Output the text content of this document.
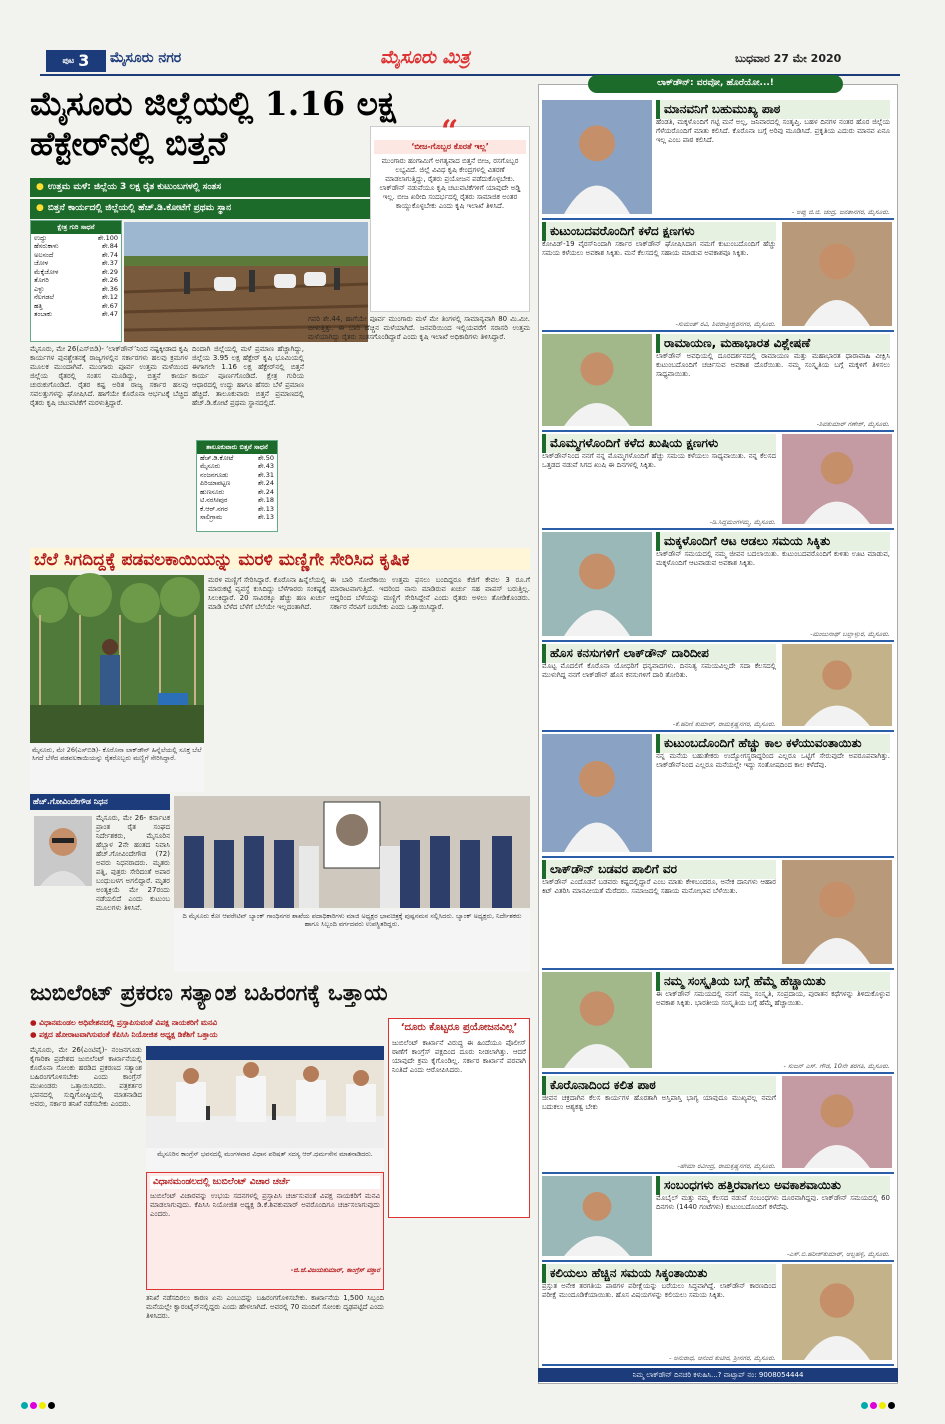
ಪುಟ 3 ಮೈಸೂರು ನಗರ	ಮೈಸೂರು ಮಿತ್ರ	ಬುಧವಾರ 27 ಮೇ 2020
ಮೈಸೂರು ಜಿಲ್ಲೆಯಲ್ಲಿ 1.16 ಲಕ್ಷ ಹೆಕ್ಟೇರ್‌ನಲ್ಲಿ ಬಿತ್ತನೆ
● ಉತ್ತಮ ಮಳೆ: ಜಿಲ್ಲೆಯ 3 ಲಕ್ಷ ರೈತ ಕುಟುಂಬಗಳಲ್ಲಿ ಸಂತಸ
● ಬಿತ್ತನೆ ಕಾರ್ಯದಲ್ಲಿ ಜಿಲ್ಲೆಯಲ್ಲಿ ಹೆಚ್.ಡಿ.ಕೋಟೆಗೆ ಪ್ರಥಮ ಸ್ಥಾನ
“
‘ಬೀಜ-ಗೊಬ್ಬರ ಕೊರತೆ ಇಲ್ಲ’
ಮುಂಗಾರು ಹಂಗಾಮಿಗೆ ಅಗತ್ಯವಾದ ಬಿತ್ತನೆ ಬೀಜ, ರಸಗೊಬ್ಬರ ಲಭ್ಯವಿದೆ. ಜಿಲ್ಲೆ ವಿವಿಧ ಕೃಷಿ ಕೇಂದ್ರಗಳಲ್ಲಿ ವಿತರಣೆ ಮಾಡಲಾಗುತ್ತಿದ್ದು, ರೈತರು ಪ್ರಯೋಜನ ಪಡೆದುಕೊಳ್ಳಬೇಕು. ಲಾಕ್‌ಡೌನ್ ನಡುವೆಯೂ ಕೃಷಿ ಚಟುವಟಿಕೆಗಳಿಗೆ ಯಾವುದೇ ಅಡ್ಡಿ ಇಲ್ಲ. ಬೀಜ ಖರೀದಿ ಸಂದರ್ಭದಲ್ಲಿ ರೈತರು ಸಾಮಾಜಿಕ ಅಂತರ ಕಾಯ್ದುಕೊಳ್ಳಬೇಕು ಎಂದು ಕೃಷಿ ಇಲಾಖೆ ತಿಳಿಸಿದೆ.
ಕ್ಷೇತ್ರ ಗುರಿ ಸಾಧನೆ
ಉದ್ದು	ಶೇ.100
ಹೆಸರುಕಾಳು	ಶೇ.84
ಅಲಸಂದೆ	ಶೇ.74
ಜೋಳ	ಶೇ.37
ಮೆಕ್ಕೆಜೋಳ	ಶೇ.29
ತೊಗರಿ	ಶೇ.26
ಎಳ್ಳು	ಶೇ.36
ನೆಲಗಡಲೆ	ಶೇ.12
ಹತ್ತಿ	ಶೇ.67
ತಂಬಾಕು	ಶೇ.47
ಮೈಸೂರು, ಮೇ 26(ಎಸ್‌ಬಿಡಿ)- ‘ಲಾಕ್‌ಡೌನ್’ನಿಂದ ನಷ್ಟಕ್ಕೀಡಾದ ಕೃಷಿ ಕಾರ್ಯಗಳ ಪುನಶ್ಚೇತನಕ್ಕೆ ರಾಜ್ಯಗಳಲ್ಲಿನ ಸರ್ಕಾರಗಳು ಹಲವು ಕ್ರಮಗಳ ಮೂಲಕ ಮುಂದಾಗಿವೆ. ಮುಂಗಾರು ಪೂರ್ವ ಉತ್ತಮ ಮಳೆಯಿಂದ ಜಿಲ್ಲೆಯ ರೈತರಲ್ಲಿ ಸಂತಸ ಮೂಡಿದ್ದು, ಬಿತ್ತನೆ ಕಾರ್ಯ ಚುರುಕುಗೊಂಡಿದೆ. ರೈತರ ಕಷ್ಟ ಅರಿತ ರಾಜ್ಯ ಸರ್ಕಾರ ಹಲವು ಸವಲತ್ತುಗಳನ್ನು ಘೋಷಿಸಿದೆ. ಹಾಗೆಯೇ ಕೊರೊನಾ ಆರ್ಭಟಕ್ಕೆ ಬೆಚ್ಚಿದ ರೈತರು ಕೃಷಿ ಚಟುವಟಿಕೆಗೆ ಮರಳುತ್ತಿದ್ದಾರೆ.
ದಿಂದಾಗಿ ಜಿಲ್ಲೆಯಲ್ಲಿ ಮಳೆ ಪ್ರಮಾಣ ಹೆಚ್ಚಾಗಿದ್ದು, ಜಿಲ್ಲೆಯ 3.95 ಲಕ್ಷ ಹೆಕ್ಟೇರ್ ಕೃಷಿ ಭೂಮಿಯಲ್ಲಿ ಈಗಾಗಲೇ 1.16 ಲಕ್ಷ ಹೆಕ್ಟೇರ್‌ನಲ್ಲಿ ಬಿತ್ತನೆ ಕಾರ್ಯ ಪೂರ್ಣಗೊಂಡಿದೆ. ಕ್ಷೇತ್ರ ಗುರಿಯ ಆಧಾರದಲ್ಲಿ ಉದ್ದು ಹಾಗೂ ಹೆಸರು ಬೆಳೆ ಪ್ರಮಾಣ ಹೆಚ್ಚಿದೆ. ತಾಲೂಕುವಾರು ಬಿತ್ತನೆ ಪ್ರಮಾಣದಲ್ಲಿ ಹೆಚ್.ಡಿ.ಕೋಟೆ ಪ್ರಥಮ ಸ್ಥಾನದಲ್ಲಿದೆ.
ತಾಲೂಕುವಾರು ಬಿತ್ತನೆ ಸಾಧನೆ
ಹೆಚ್.ಡಿ.ಕೋಟೆ	ಶೇ.50
ಮೈಸೂರು	ಶೇ.43
ನಂಜನಗೂಡು	ಶೇ.31
ಪಿರಿಯಾಪಟ್ಟಣ	ಶೇ.24
ಹುಣಸೂರು	ಶೇ.24
ಟಿ.ನರಸೀಪುರ	ಶೇ.18
ಕೆ.ಆರ್.ನಗರ	ಶೇ.13
ಸಾಲಿಗ್ರಾಮ	ಶೇ.13
ಗವರಿ ಶೇ.44, ಹಾಗೆಯೇ ಪೂರ್ವ ಮುಂಗಾರು ಮಳೆ ಮೇ ತಿಂಗಳಲ್ಲಿ ಸಾಮಾನ್ಯವಾಗಿ 80 ಮಿ.ಮೀ. ಬೀಳುತ್ತಿತ್ತು. ಈ ಬಾರಿ ಹೆಚ್ಚಿನ ಮಳೆಯಾಗಿದೆ. ಜನವರಿಯಿಂದ ಇಲ್ಲಿಯವರೆಗೆ ಸರಾಸರಿ ಉತ್ತಮ ಮಳೆಯಾಗಿದ್ದು ರೈತರು ಸಂತಸಗೊಂಡಿದ್ದಾರೆ ಎಂದು ಕೃಷಿ ಇಲಾಖೆ ಅಧಿಕಾರಿಗಳು ತಿಳಿಸಿದ್ದಾರೆ.
ಬೆಲೆ ಸಿಗದಿದ್ದಕ್ಕೆ ಪಡವಲಕಾಯಿಯನ್ನು ಮರಳಿ ಮಣ್ಣಿಗೇ ಸೇರಿಸಿದ ಕೃಷಿಕ
ಮೈಸೂರು, ಮೇ 26(ಎಸ್‌ಬಿಡಿ)- ಕೊರೊನಾ ಲಾಕ್‌ಡೌನ್ ಹಿನ್ನೆಲೆಯಲ್ಲಿ ಸೂಕ್ತ ಬೆಲೆ ಸಿಗದೆ ಬೆಳೆದ ಪಡವಲಕಾಯಿಯನ್ನು ರೈತರೊಬ್ಬರು ಮಣ್ಣಿಗೆ ಸೇರಿಸಿದ್ದಾರೆ.
ಮರಳಿ ಮಣ್ಣಿಗೆ ಸೇರಿಸಿದ್ದಾರೆ. ಕೊರೊನಾ ಹಿನ್ನೆಲೆಯಲ್ಲಿ ಮಾರುಕಟ್ಟೆ ವ್ಯವಸ್ಥೆ ಕುಸಿದಿದ್ದು ಬೆಳೆಗಾರರು ಸಂಕಷ್ಟಕ್ಕೆ ಸಿಲುಕಿದ್ದಾರೆ. 20 ಸಾವಿರಕ್ಕೂ ಹೆಚ್ಚು ಹಣ ಖರ್ಚು ಮಾಡಿ ಬೆಳೆದ ಬೆಳೆಗೆ ಬೆಲೆಯೇ ಇಲ್ಲದಂತಾಗಿದೆ.
ಈ ಬಾರಿ ಸೋರೆಕಾಯಿ ಉತ್ತಮ ಫಸಲು ಬಂದಿದ್ದರೂ ಕೆಜಿಗೆ ಕೇವಲ 3 ರೂ.ಗೆ ಮಾರಾಟವಾಗುತ್ತಿದೆ. ಇದರಿಂದ ನಾನು ಮಾಡಿರುವ ಖರ್ಚು ಸಹ ವಾಪಸ್ ಬರುತ್ತಿಲ್ಲ. ಆದ್ದರಿಂದ ಬೆಳೆಯನ್ನು ಮಣ್ಣಿಗೆ ಸೇರಿಸಿದ್ದೇನೆ ಎಂದು ರೈತರು ಅಳಲು ತೋಡಿಕೊಂಡರು. ಸರ್ಕಾರ ನೆರವಿಗೆ ಬರಬೇಕು ಎಂದು ಒತ್ತಾಯಿಸಿದ್ದಾರೆ.
ಹೆಚ್.ಗೋವಿಂದೇಗೌಡ ನಿಧನ
ಮೈಸೂರು, ಮೇ 26- ಕರ್ನಾಟಕ ಪ್ರಾಂತ ರೈತ ಸಂಘದ ನಿರ್ದೇಶಕರು, ಮೈಸೂರಿನ ಹೆಬ್ಬಾಳ 2ನೇ ಹಂತದ ನಿವಾಸಿ ಹೆಚ್.ಗೋವಿಂದೇಗೌಡ (72) ಅವರು ನಿಧನರಾದರು. ಮೃತರು ಪತ್ನಿ, ಪುತ್ರರು ಸೇರಿದಂತೆ ಅಪಾರ ಬಂಧುಬಳಗ ಅಗಲಿದ್ದಾರೆ. ಮೃತರ ಅಂತ್ಯಕ್ರಿಯೆ ಮೇ 27ರಂದು ನಡೆಯಲಿದೆ ಎಂದು ಕುಟುಂಬ ಮೂಲಗಳು ತಿಳಿಸಿವೆ.
ದಿ ಮೈಸೂರು ಕೋ ಆಪರೇಟಿವ್ ಬ್ಯಾಂಕ್ ಗಾಂಧಿನಗರ ಶಾಖೆಯ ಪದಾಧಿಕಾರಿಗಳು ಮಾಜಿ ಅಧ್ಯಕ್ಷರ ಭಾವಚಿತ್ರಕ್ಕೆ ಪುಷ್ಪನಮನ ಸಲ್ಲಿಸಿದರು. ಬ್ಯಾಂಕ್ ಅಧ್ಯಕ್ಷರು, ನಿರ್ದೇಶಕರು ಹಾಗೂ ಸಿಬ್ಬಂದಿ ವರ್ಗದವರು ಉಪಸ್ಥಿತರಿದ್ದರು.
ಜುಬಿಲೆಂಟ್ ಪ್ರಕರಣ ಸತ್ಯಾಂಶ ಬಹಿರಂಗಕ್ಕೆ ಒತ್ತಾಯ
● ವಿಧಾನಮಂಡಲ ಅಧಿವೇಶನದಲ್ಲಿ ಪ್ರಸ್ತಾಪಿಸುವಂತೆ ವಿಪಕ್ಷ ನಾಯಕರಿಗೆ ಮನವಿ
● ಪಕ್ಷದ ಹೋರಾಟವಾಗಿಸುವಂತೆ ಕೆಪಿಸಿಸಿ ನಿಯೋಜಿತ ಅಧ್ಯಕ್ಷ ಡಿಕೆಶಿಗೆ ಒತ್ತಾಯ
ಮೈಸೂರು, ಮೇ 26(ಎಂಟಿವೈ)- ನಂಜನಗೂಡು ಕೈಗಾರಿಕಾ ಪ್ರದೇಶದ ಜುಬಿಲೆಂಟ್ ಕಾರ್ಖಾನೆಯಲ್ಲಿ ಕೊರೊನಾ ಸೋಂಕು ಹರಡಿದ ಪ್ರಕರಣದ ಸತ್ಯಾಂಶ ಬಹಿರಂಗಗೊಳಿಸಬೇಕು ಎಂದು ಕಾಂಗ್ರೆಸ್ ಮುಖಂಡರು ಒತ್ತಾಯಿಸಿದರು. ಪತ್ರಕರ್ತರ ಭವನದಲ್ಲಿ ಸುದ್ದಿಗೋಷ್ಠಿಯಲ್ಲಿ ಮಾತನಾಡಿದ ಅವರು, ಸರ್ಕಾರ ತನಿಖೆ ನಡೆಸಬೇಕು ಎಂದರು.
ಮೈಸೂರಿನ ಕಾಂಗ್ರೆಸ್ ಭವನದಲ್ಲಿ ಮಂಗಳವಾರ ವಿಧಾನ ಪರಿಷತ್ ಸದಸ್ಯ ಆರ್.ಧರ್ಮಸೇನ ಮಾತನಾಡಿದರು.
ವಿಧಾನಮಂಡಲದಲ್ಲಿ ಜುಬಿಲೆಂಟ್ ವಿಚಾರ ಚರ್ಚೆ
ಜುಬಿಲೆಂಟ್ ವಿಚಾರವನ್ನು ಉಭಯ ಸದನಗಳಲ್ಲಿ ಪ್ರಸ್ತಾಪಿಸಿ ಚರ್ಚಿಸುವಂತೆ ವಿಪಕ್ಷ ನಾಯಕರಿಗೆ ಮನವಿ ಮಾಡಲಾಗುವುದು. ಕೆಪಿಸಿಸಿ ನಿಯೋಜಿತ ಅಧ್ಯಕ್ಷ ಡಿ.ಕೆ.ಶಿವಕುಮಾರ್ ಅವರೊಂದಿಗೂ ಚರ್ಚಿಸಲಾಗುವುದು ಎಂದರು.
-ಜಿ.ಜೆ.ವಿಜಯಕುಮಾರ್, ಕಾಂಗ್ರೆಸ್ ವಕ್ತಾರ
ತನಿಖೆ ನಡೆಸದಿರಲು ಕಾರಣ ಏನು ಎಂಬುದನ್ನು ಬಹಿರಂಗಗೊಳಿಸಬೇಕು. ಕಾರ್ಖಾನೆಯ 1,500 ಸಿಬ್ಬಂದಿ ಮನೆಯಲ್ಲೇ ಕ್ವಾರಂಟೈನ್‌ನಲ್ಲಿದ್ದರು ಎಂದು ಹೇಳಲಾಗಿದೆ. ಅವರಲ್ಲಿ 70 ಮಂದಿಗೆ ಸೋಂಕು ದೃಢಪಟ್ಟಿದೆ ಎಂದು ತಿಳಿಸಿದರು.
‘ದೂರು ಕೊಟ್ಟರೂ ಪ್ರಯೋಜನವಿಲ್ಲ’
ಜುಬಿಲೆಂಟ್ ಕಾರ್ಖಾನೆ ವಿರುದ್ಧ ಈ ಹಿಂದೆಯೂ ಪೊಲೀಸ್ ಠಾಣೆಗೆ ಕಾಂಗ್ರೆಸ್ ಪಕ್ಷದಿಂದ ದೂರು ನೀಡಲಾಗಿತ್ತು. ಆದರೆ ಯಾವುದೇ ಕ್ರಮ ಕೈಗೊಂಡಿಲ್ಲ. ಸರ್ಕಾರ ಕಾರ್ಖಾನೆ ಪರವಾಗಿ ನಿಂತಿದೆ ಎಂದು ಆರೋಪಿಸಿದರು.
ಲಾಕ್‌ಡೌನ್: ವರವೋ, ಹೊರೆಯೋ...!
ಮಾನವನಿಗೆ ಬಹುಮುಖ್ಯ ಪಾಠ
ಹೆಂಡತಿ, ಮಕ್ಕಳೊಂದಿಗೆ ಗಟ್ಟಿ ಮನೆ ಅಲ್ಲ, ಜನಿವಾರದಲ್ಲಿ ಸಂತೃಪ್ತಿ. ಬಹಳ ದಿನಗಳ ನಂತರ ಹೊರ ಜಿಲ್ಲೆಯ ಗೆಳೆಯರೊಂದಿಗೆ ಮಾತು ಕಲಿಸಿದೆ. ಕೊರೊನಾ ಬಗ್ಗೆ ಅರಿವು ಮೂಡಿಸಿದೆ. ಪ್ರಕೃತಿಯ ಎದುರು ಮಾನವ ಏನೂ ಇಲ್ಲ ಎಂಬ ಪಾಠ ಕಲಿಸಿದೆ.
- ಅಪ್ಪು ಜಿ.ಜಿ. ಚಂದ್ರ, ಜನತಾನಗರ, ಮೈಸೂರು.
ಕುಟುಂಬದವರೊಂದಿಗೆ ಕಳೆದ ಕ್ಷಣಗಳು
ಕೋವಿಡ್-19 ವೈರಸ್‌ನಿಂದಾಗಿ ಸರ್ಕಾರ ಲಾಕ್‌ಡೌನ್ ಘೋಷಿಸಿದಾಗ ನಮಗೆ ಕುಟುಂಬದೊಂದಿಗೆ ಹೆಚ್ಚು ಸಮಯ ಕಳೆಯಲು ಅವಕಾಶ ಸಿಕ್ಕಿತು. ಮನೆ ಕೆಲಸದಲ್ಲಿ ಸಹಾಯ ಮಾಡುವ ಅವಕಾಶವೂ ಸಿಕ್ಕಿತು.
-ಸುಮಂತ್ ರವಿ, ಶಿವರಾತ್ರೀಶ್ವರನಗರ, ಮೈಸೂರು.
ರಾಮಾಯಣ, ಮಹಾಭಾರತ ವಿಶ್ಲೇಷಣೆ
ಲಾಕ್‌ಡೌನ್ ಅವಧಿಯಲ್ಲಿ ದೂರದರ್ಶನದಲ್ಲಿ ರಾಮಾಯಣ ಮತ್ತು ಮಹಾಭಾರತ ಧಾರಾವಾಹಿ ವೀಕ್ಷಿಸಿ ಕುಟುಂಬದೊಂದಿಗೆ ಚರ್ಚಿಸುವ ಅವಕಾಶ ದೊರೆಯಿತು. ನಮ್ಮ ಸಂಸ್ಕೃತಿಯ ಬಗ್ಗೆ ಮಕ್ಕಳಿಗೆ ತಿಳಿಸಲು ಸಾಧ್ಯವಾಯಿತು.
-ಶಿವಕುಮಾರ್ ಗಣೇಶ್, ಮೈಸೂರು.
ಮೊಮ್ಮಗಳೊಂದಿಗೆ ಕಳೆದ ಖುಷಿಯ ಕ್ಷಣಗಳು
ಲಾಕ್‌ಡೌನ್‌ನಿಂದ ನನಗೆ ನನ್ನ ಮೊಮ್ಮಗಳೊಂದಿಗೆ ಹೆಚ್ಚು ಸಮಯ ಕಳೆಯಲು ಸಾಧ್ಯವಾಯಿತು. ನನ್ನ ಕೆಲಸದ ಒತ್ತಡದ ನಡುವೆ ಸಿಗದ ಖುಷಿ ಈ ದಿನಗಳಲ್ಲಿ ಸಿಕ್ಕಿತು.
-ಡಿ.ಸಿದ್ದಮಂಗಳಮ್ಮ, ಮೈಸೂರು.
ಮಕ್ಕಳೊಂದಿಗೆ ಆಟ ಆಡಲು ಸಮಯ ಸಿಕ್ಕಿತು
ಲಾಕ್‌ಡೌನ್ ಸಮಯದಲ್ಲಿ ನಮ್ಮ ಜೀವನ ಬದಲಾಯಿತು. ಕುಟುಂಬದವರೊಂದಿಗೆ ಕುಳಿತು ಊಟ ಮಾಡುವ, ಮಕ್ಕಳೊಂದಿಗೆ ಆಟವಾಡುವ ಅವಕಾಶ ಸಿಕ್ಕಿತು.
-ಮಂಜುನಾಥ್ ಬಲ್ಲಾಳ್ಪುರ, ಮೈಸೂರು.
ಹೊಸ ಕನಸುಗಳಿಗೆ ಲಾಕ್‌ಡೌನ್ ದಾರಿದೀಪ
ಮೊಟ್ಟ ಮೊದಲಿಗೆ ಕೊರೊನಾ ಯೋಧರಿಗೆ ಧನ್ಯವಾದಗಳು. ದಿನನಿತ್ಯ ಸಮಯವಿಲ್ಲದೇ ಸದಾ ಕೆಲಸದಲ್ಲಿ ಮುಳುಗಿದ್ದ ನನಗೆ ಲಾಕ್‌ಡೌನ್ ಹೊಸ ಕನಸುಗಳಿಗೆ ದಾರಿ ತೋರಿತು.
-ಕೆ.ಹರಿಣಿ ಕುಮಾರ್, ರಾಮಕೃಷ್ಣನಗರ, ಮೈಸೂರು.
ಕುಟುಂಬದೊಂದಿಗೆ ಹೆಚ್ಚು ಕಾಲ ಕಳೆಯುವಂತಾಯಿತು
ನನ್ನ ಮನೆಯ ಬಹುತೇಕರು ಉದ್ಯೋಗಸ್ಥರಾದ್ದರಿಂದ ಎಲ್ಲರೂ ಒಟ್ಟಿಗೆ ಸೇರುವುದೇ ಅಪರೂಪವಾಗಿತ್ತು. ಲಾಕ್‌ಡೌನ್‌ನಿಂದ ಎಲ್ಲರೂ ಮನೆಯಲ್ಲೇ ಇದ್ದು ಸಂತೋಷದಿಂದ ಕಾಲ ಕಳೆದೆವು.
ಲಾಕ್‌ಡೌನ್ ಬಡವರ ಪಾಲಿಗೆ ವರ
ಲಾಕ್‌ಡೌನ್ ಎಂದೊಡನೆ ಬಡವರು ಕಷ್ಟದಲ್ಲಿದ್ದಾರೆ ಎಂಬ ಮಾತು ಕೇಳಿಬಂದರೂ, ಅನೇಕ ದಾನಿಗಳು ಆಹಾರ ಕಿಟ್ ವಿತರಿಸಿ ಮಾನವೀಯತೆ ಮೆರೆದರು. ಸಮಾಜದಲ್ಲಿ ಸಹಾಯ ಮನೋಭಾವ ಬೆಳೆಯಿತು.
ನಮ್ಮ ಸಂಸ್ಕೃತಿಯ ಬಗ್ಗೆ ಹೆಮ್ಮೆ ಹೆಚ್ಚಾಯಿತು
ಈ ಲಾಕ್‌ಡೌನ್ ಸಮಯದಲ್ಲಿ ನನಗೆ ನಮ್ಮ ಸಂಸ್ಕೃತಿ, ಸಂಪ್ರದಾಯ, ಪುರಾತನ ಕಥೆಗಳನ್ನು ತಿಳಿದುಕೊಳ್ಳುವ ಅವಕಾಶ ಸಿಕ್ಕಿತು. ಭಾರತೀಯ ಸಂಸ್ಕೃತಿಯ ಬಗ್ಗೆ ಹೆಮ್ಮೆ ಹೆಚ್ಚಾಯಿತು.
- ಸುಜನ್ ಎಸ್. ಗೌಡ, 10ನೇ ತರಗತಿ, ಮೈಸೂರು.
ಕೊರೊನಾದಿಂದ ಕಲಿತ ಪಾಠ
ಜೀವನ ಚಕ್ರದಾಗಿನ ಕೆಲಸ ಕಾರ್ಯಗಳ ಹೊರತಾಗಿ ಅಸ್ತಿಪಾಸ್ತಿ ಭಾಗ್ಯ ಯಾವುದೂ ಮುಖ್ಯವಲ್ಲ ನಮಗೆ ಬದುಕಲು ಆಶ್ಯಕತ್ವ ಬೇಕು
-ಹೇಮಾ ರವೀಂದ್ರ, ರಾಮಕೃಷ್ಣನಗರ, ಮೈಸೂರು.
ಸಂಬಂಧಗಳು ಹತ್ತಿರವಾಗಲು ಅವಕಾಶವಾಯಿತು
ಮೊಬೈಲ್ ಮತ್ತು ನಮ್ಮ ಕೆಲಸದ ನಡುವೆ ಸಂಬಂಧಗಳು ದೂರವಾಗಿದ್ದವು. ಲಾಕ್‌ಡೌನ್ ಸಮಯದಲ್ಲಿ 60 ದಿನಗಳು (1440 ಗಂಟೆಗಳು) ಕುಟುಂಬದೊಂದಿಗೆ ಕಳೆದೆವು.
-ಎಸ್.ಬಿ.ಹರೀಶ್‌ಕುಮಾರ್, ಆಲ್ದಹಳ್ಳಿ, ಮೈಸೂರು.
ಕಲಿಯಲು ಹೆಚ್ಚಿನ ಸಮಯ ಸಿಕ್ಕಂತಾಯಿತು
ಪ್ರಸ್ತುತ ಅನೇಕ ತರಗತಿಯ ಪಾಠಗಳ ಪರೀಕ್ಷೆಯನ್ನು ಬರೆಯಲು ಸಿದ್ಧವಾಗಿದ್ದೆ. ಲಾಕ್‌ಡೌನ್ ಕಾರಣದಿಂದ ಪರೀಕ್ಷೆ ಮುಂದೂಡಿಕೆಯಾಯಿತು. ಹೊಸ ವಿಷಯಗಳನ್ನು ಕಲಿಯಲು ಸಮಯ ಸಿಕ್ಕಿತು.
- ಅನುರಾಧ, ಆನಂದ ಕುಟೀರ, ಶ್ರೀನಗರ, ಮೈಸೂರು.
ನಿಮ್ಮ ಲಾಕ್‌ಡೌನ್ ದಿನಚರಿ ಕಳುಹಿಸಿ...? ವಾಟ್ಸಾಪ್ ನಂ: 9008054444
